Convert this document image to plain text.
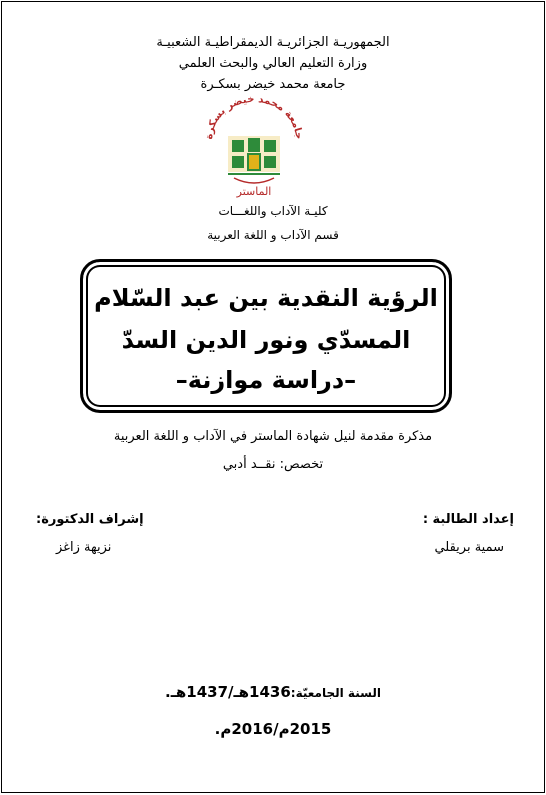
الجمهوريـة الجزائريـة الديمقراطيـة الشعبيـة
وزارة التعليم العالي والبحث العلمي
جامعة محمد خيضر بسكـرة
جامعة محمد خيضر بسكرة
الماستر
كليـة الآداب واللغـــات
قسم الآداب و اللغة العربية
الرؤية النقدية بين عبد السّلام
المسدّي ونور الدين السدّ
–دراسة موازنة–
مذكرة مقدمة لنيل شهادة الماستر في الآداب و اللغة العربية
تخصص: نقــد أدبي
إعداد الطالبة :
سمية بريقلي
إشراف الدكتورة:
نزيهة زاغز
السنة الجامعيّة:1436هـ/1437هـ.
2015م/2016م.
